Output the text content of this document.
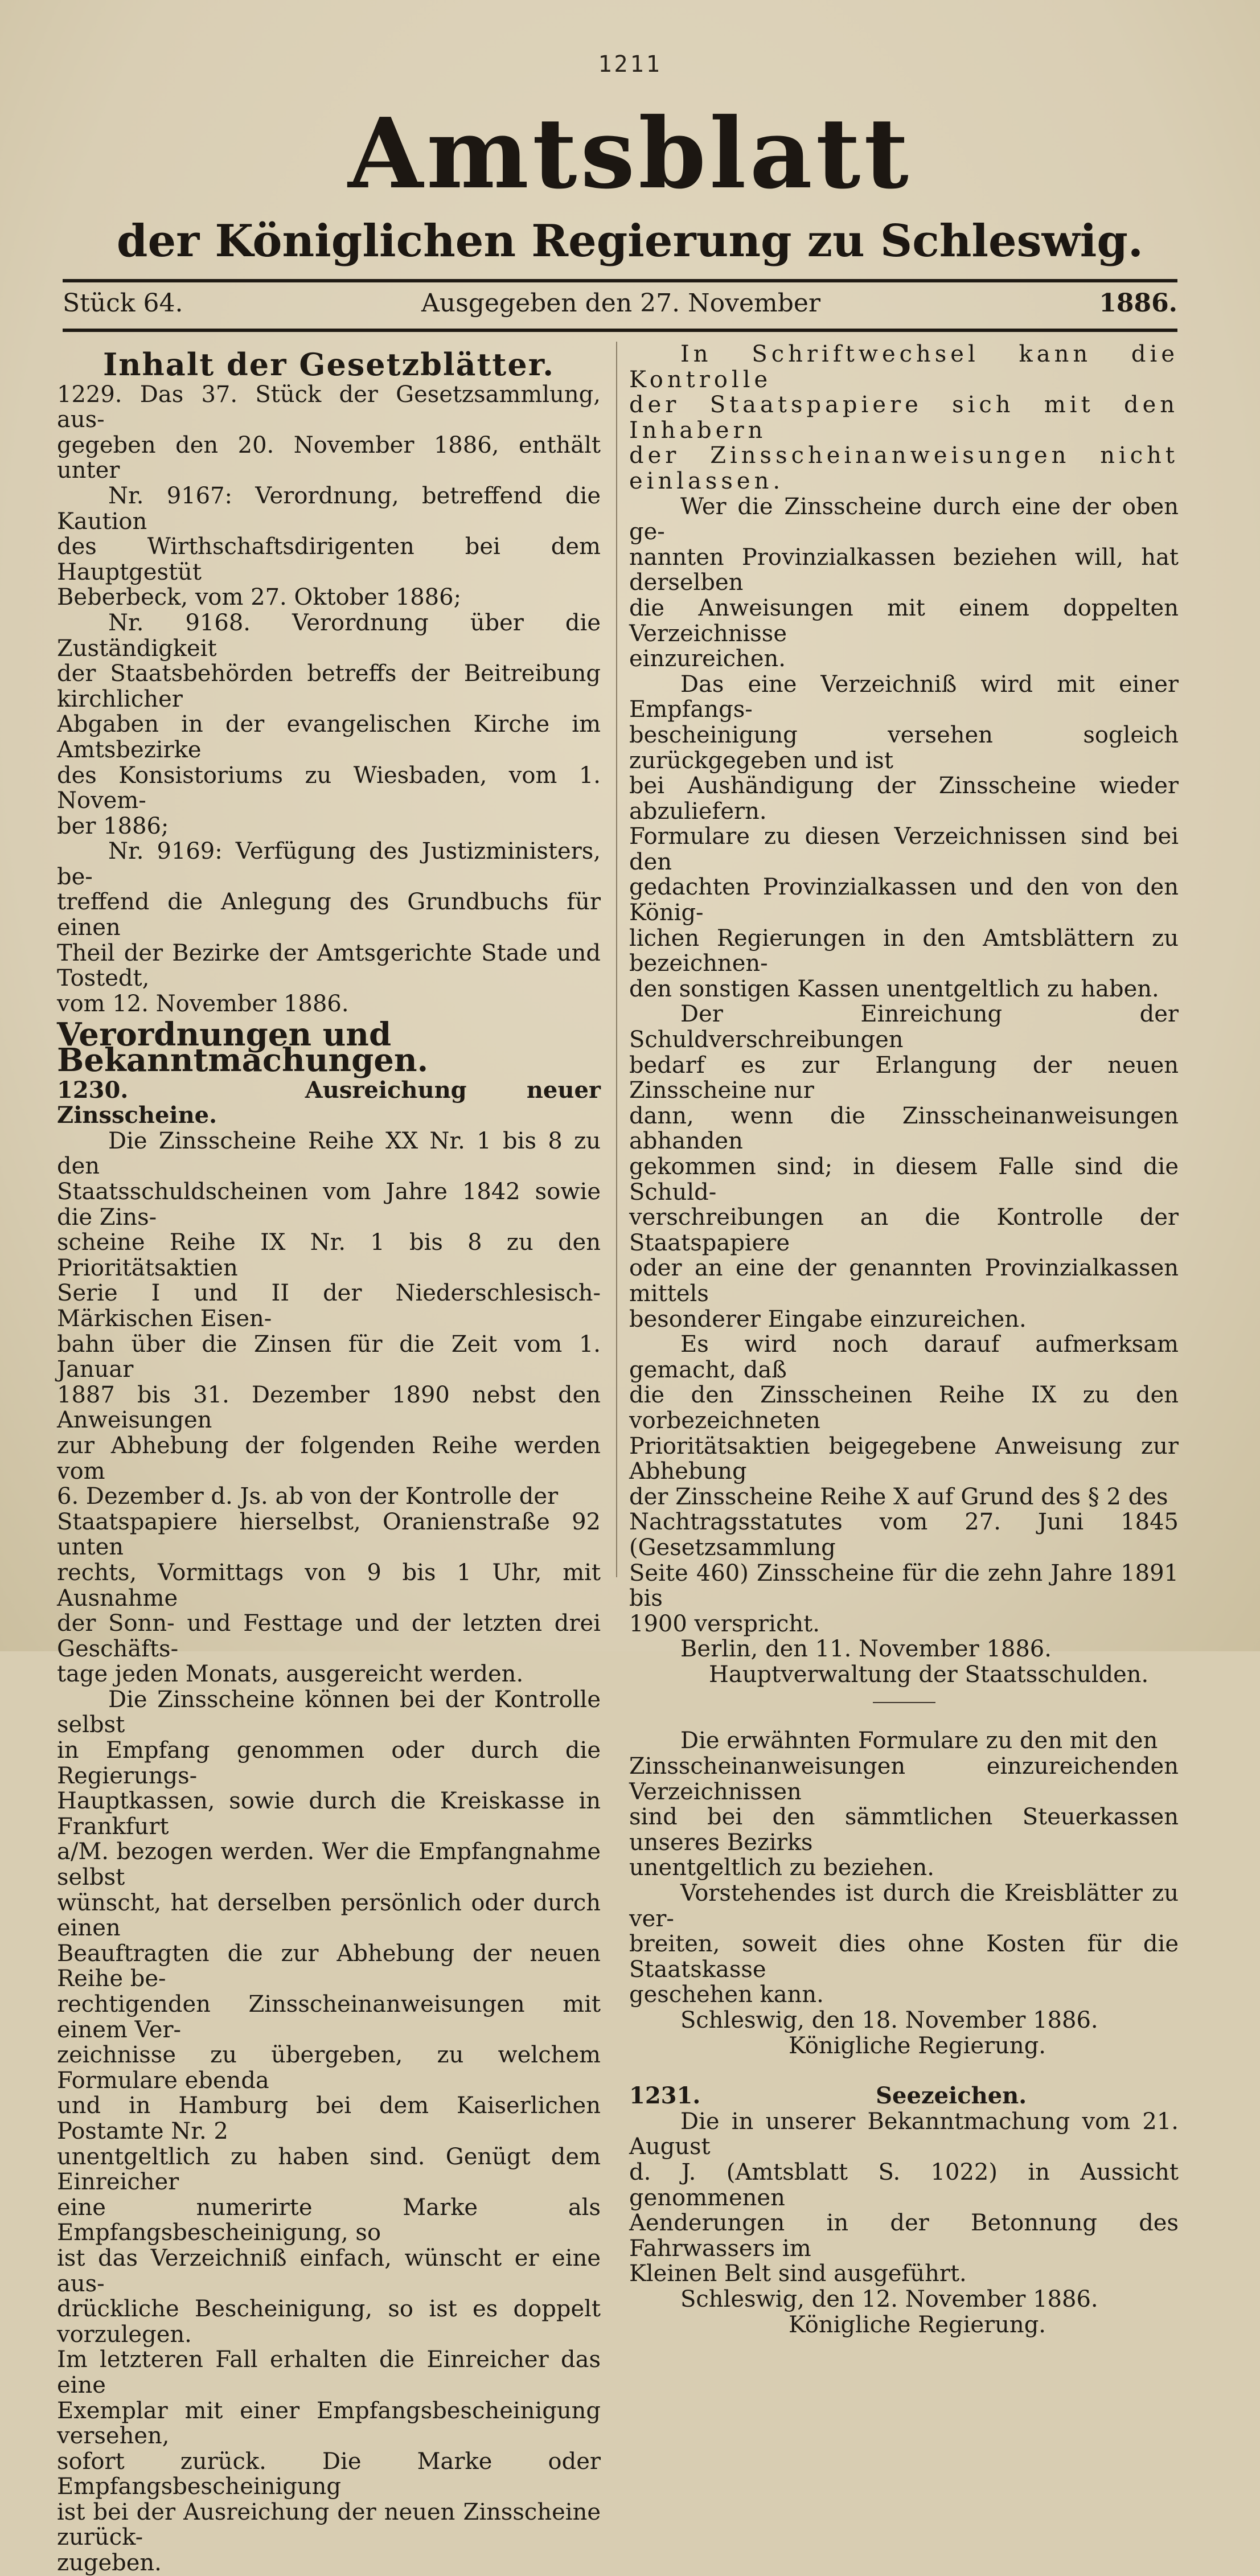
1211
Amtsblatt
der Königlichen Regierung zu Schleswig.
Stück 64.	Ausgegeben den 27. November	1886.

Inhalt der Gesetzblätter.

1229. Das 37. Stück der Gesetzsammlung, aus-
gegeben den 20. November 1886, enthält unter

Nr. 9167: Verordnung, betreffend die Kaution
des Wirthschaftsdirigenten bei dem Hauptgestüt
Beberbeck, vom 27. Oktober 1886;

Nr. 9168. Verordnung über die Zuständigkeit
der Staatsbehörden betreffs der Beitreibung kirchlicher
Abgaben in der evangelischen Kirche im Amtsbezirke
des Konsistoriums zu Wiesbaden, vom 1. Novem-
ber 1886;

Nr. 9169: Verfügung des Justizministers, be-
treffend die Anlegung des Grundbuchs für einen
Theil der Bezirke der Amtsgerichte Stade und Tostedt,
vom 12. November 1886.

Verordnungen und Bekanntmachungen.

1230.	Ausreichung neuer Zinsscheine.

Die Zinsscheine Reihe XX Nr. 1 bis 8 zu den
Staatsschuldscheinen vom Jahre 1842 sowie die Zins-
scheine Reihe IX Nr. 1 bis 8 zu den Prioritätsaktien
Serie I und II der Niederschlesisch-Märkischen Eisen-
bahn über die Zinsen für die Zeit vom 1. Januar
1887 bis 31. Dezember 1890 nebst den Anweisungen
zur Abhebung der folgenden Reihe werden vom
6. Dezember d. Js. ab von der Kontrolle der
Staatspapiere hierselbst, Oranienstraße 92 unten
rechts, Vormittags von 9 bis 1 Uhr, mit Ausnahme
der Sonn- und Festtage und der letzten drei Geschäfts-
tage jeden Monats, ausgereicht werden.

Die Zinsscheine können bei der Kontrolle selbst
in Empfang genommen oder durch die Regierungs-
Hauptkassen, sowie durch die Kreiskasse in Frankfurt
a/M. bezogen werden. Wer die Empfangnahme selbst
wünscht, hat derselben persönlich oder durch einen
Beauftragten die zur Abhebung der neuen Reihe be-
rechtigenden Zinsscheinanweisungen mit einem Ver-
zeichnisse zu übergeben, zu welchem Formulare ebenda
und in Hamburg bei dem Kaiserlichen Postamte Nr. 2
unentgeltlich zu haben sind. Genügt dem Einreicher
eine numerirte Marke als Empfangsbescheinigung, so
ist das Verzeichniß einfach, wünscht er eine aus-
drückliche Bescheinigung, so ist es doppelt vorzulegen.
Im letzteren Fall erhalten die Einreicher das eine
Exemplar mit einer Empfangsbescheinigung versehen,
sofort zurück. Die Marke oder Empfangsbescheinigung
ist bei der Ausreichung der neuen Zinsscheine zurück-
zugeben.

In Schriftwechsel kann die Kontrolle
der Staatspapiere sich mit den Inhabern
der Zinsscheinanweisungen nicht einlassen.

Wer die Zinsscheine durch eine der oben ge-
nannten Provinzialkassen beziehen will, hat derselben
die Anweisungen mit einem doppelten Verzeichnisse
einzureichen.

Das eine Verzeichniß wird mit einer Empfangs-
bescheinigung versehen sogleich zurückgegeben und ist
bei Aushändigung der Zinsscheine wieder abzuliefern.
Formulare zu diesen Verzeichnissen sind bei den
gedachten Provinzialkassen und den von den König-
lichen Regierungen in den Amtsblättern zu bezeichnen-
den sonstigen Kassen unentgeltlich zu haben.

Der Einreichung der Schuldverschreibungen
bedarf es zur Erlangung der neuen Zinsscheine nur
dann, wenn die Zinsscheinanweisungen abhanden
gekommen sind; in diesem Falle sind die Schuld-
verschreibungen an die Kontrolle der Staatspapiere
oder an eine der genannten Provinzialkassen mittels
besonderer Eingabe einzureichen.

Es wird noch darauf aufmerksam gemacht, daß
die den Zinsscheinen Reihe IX zu den vorbezeichneten
Prioritätsaktien beigegebene Anweisung zur Abhebung
der Zinsscheine Reihe X auf Grund des § 2 des
Nachtragsstatutes vom 27. Juni 1845 (Gesetzsammlung
Seite 460) Zinsscheine für die zehn Jahre 1891 bis
1900 verspricht.

Berlin, den 11. November 1886.

Hauptverwaltung der Staatsschulden.

Die erwähnten Formulare zu den mit den
Zinsscheinanweisungen einzureichenden Verzeichnissen
sind bei den sämmtlichen Steuerkassen unseres Bezirks
unentgeltlich zu beziehen.

Vorstehendes ist durch die Kreisblätter zu ver-
breiten, soweit dies ohne Kosten für die Staatskasse
geschehen kann.

Schleswig, den 18. November 1886.

Königliche Regierung.

1231.	Seezeichen.

Die in unserer Bekanntmachung vom 21. August
d. J. (Amtsblatt S. 1022) in Aussicht genommenen
Aenderungen in der Betonnung des Fahrwassers im
Kleinen Belt sind ausgeführt.

Schleswig, den 12. November 1886.

Königliche Regierung.
